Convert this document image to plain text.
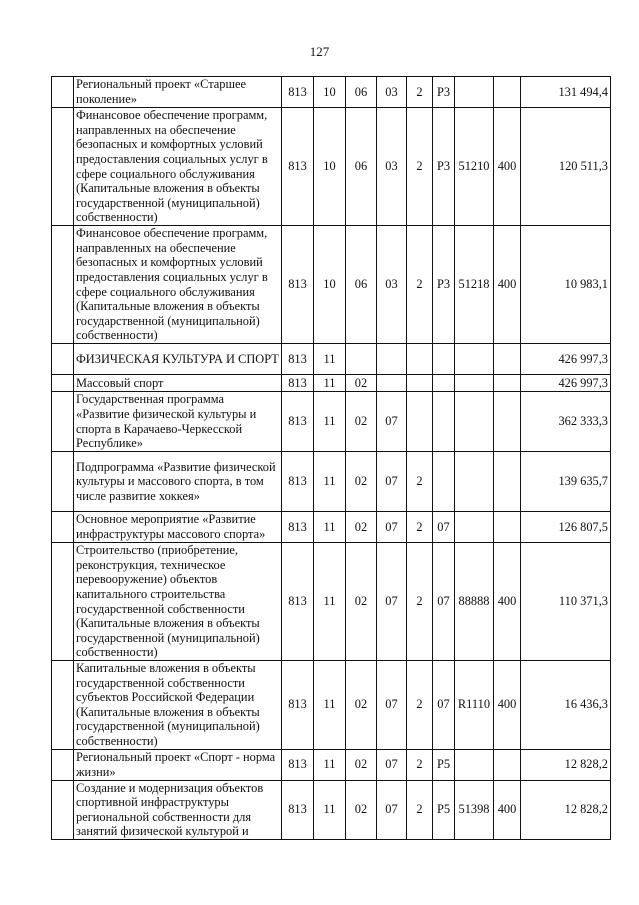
127
	Региональный проект «Старшее поколение»	813	10	06	03	2	P3			131 494,4
	Финансовое обеспечение программ, направленных на обеспечение безопасных и комфортных условий предоставления социальных услуг в сфере социального обслуживания (Капитальные вложения в объекты государственной (муниципальной) собственности)	813	10	06	03	2	P3	51210	400	120 511,3
	Финансовое обеспечение программ, направленных на обеспечение безопасных и комфортных условий предоставления социальных услуг в сфере социального обслуживания (Капитальные вложения в объекты государственной (муниципальной) собственности)	813	10	06	03	2	P3	51218	400	10 983,1
	ФИЗИЧЕСКАЯ КУЛЬТУРА И СПОРТ	813	11							426 997,3
	Массовый спорт	813	11	02						426 997,3
	Государственная программа «Развитие физической культуры и спорта в Карачаево-Черкесской Республике»	813	11	02	07					362 333,3
	Подпрограмма «Развитие физической культуры и массового спорта, в том числе развитие хоккея»	813	11	02	07	2				139 635,7
	Основное мероприятие «Развитие инфраструктуры массового спорта»	813	11	02	07	2	07			126 807,5
	Строительство (приобретение, реконструкция, техническое перевооружение) объектов капитального строительства государственной собственности (Капитальные вложения в объекты государственной (муниципальной) собственности)	813	11	02	07	2	07	88888	400	110 371,3
	Капитальные вложения в объекты государственной собственности субъектов Российской Федерации (Капитальные вложения в объекты государственной (муниципальной) собственности)	813	11	02	07	2	07	R1110	400	16 436,3
	Региональный проект «Спорт - норма жизни»	813	11	02	07	2	P5			12 828,2
	Создание и модернизация объектов спортивной инфраструктуры региональной собственности для занятий физической культурой и	813	11	02	07	2	P5	51398	400	12 828,2
